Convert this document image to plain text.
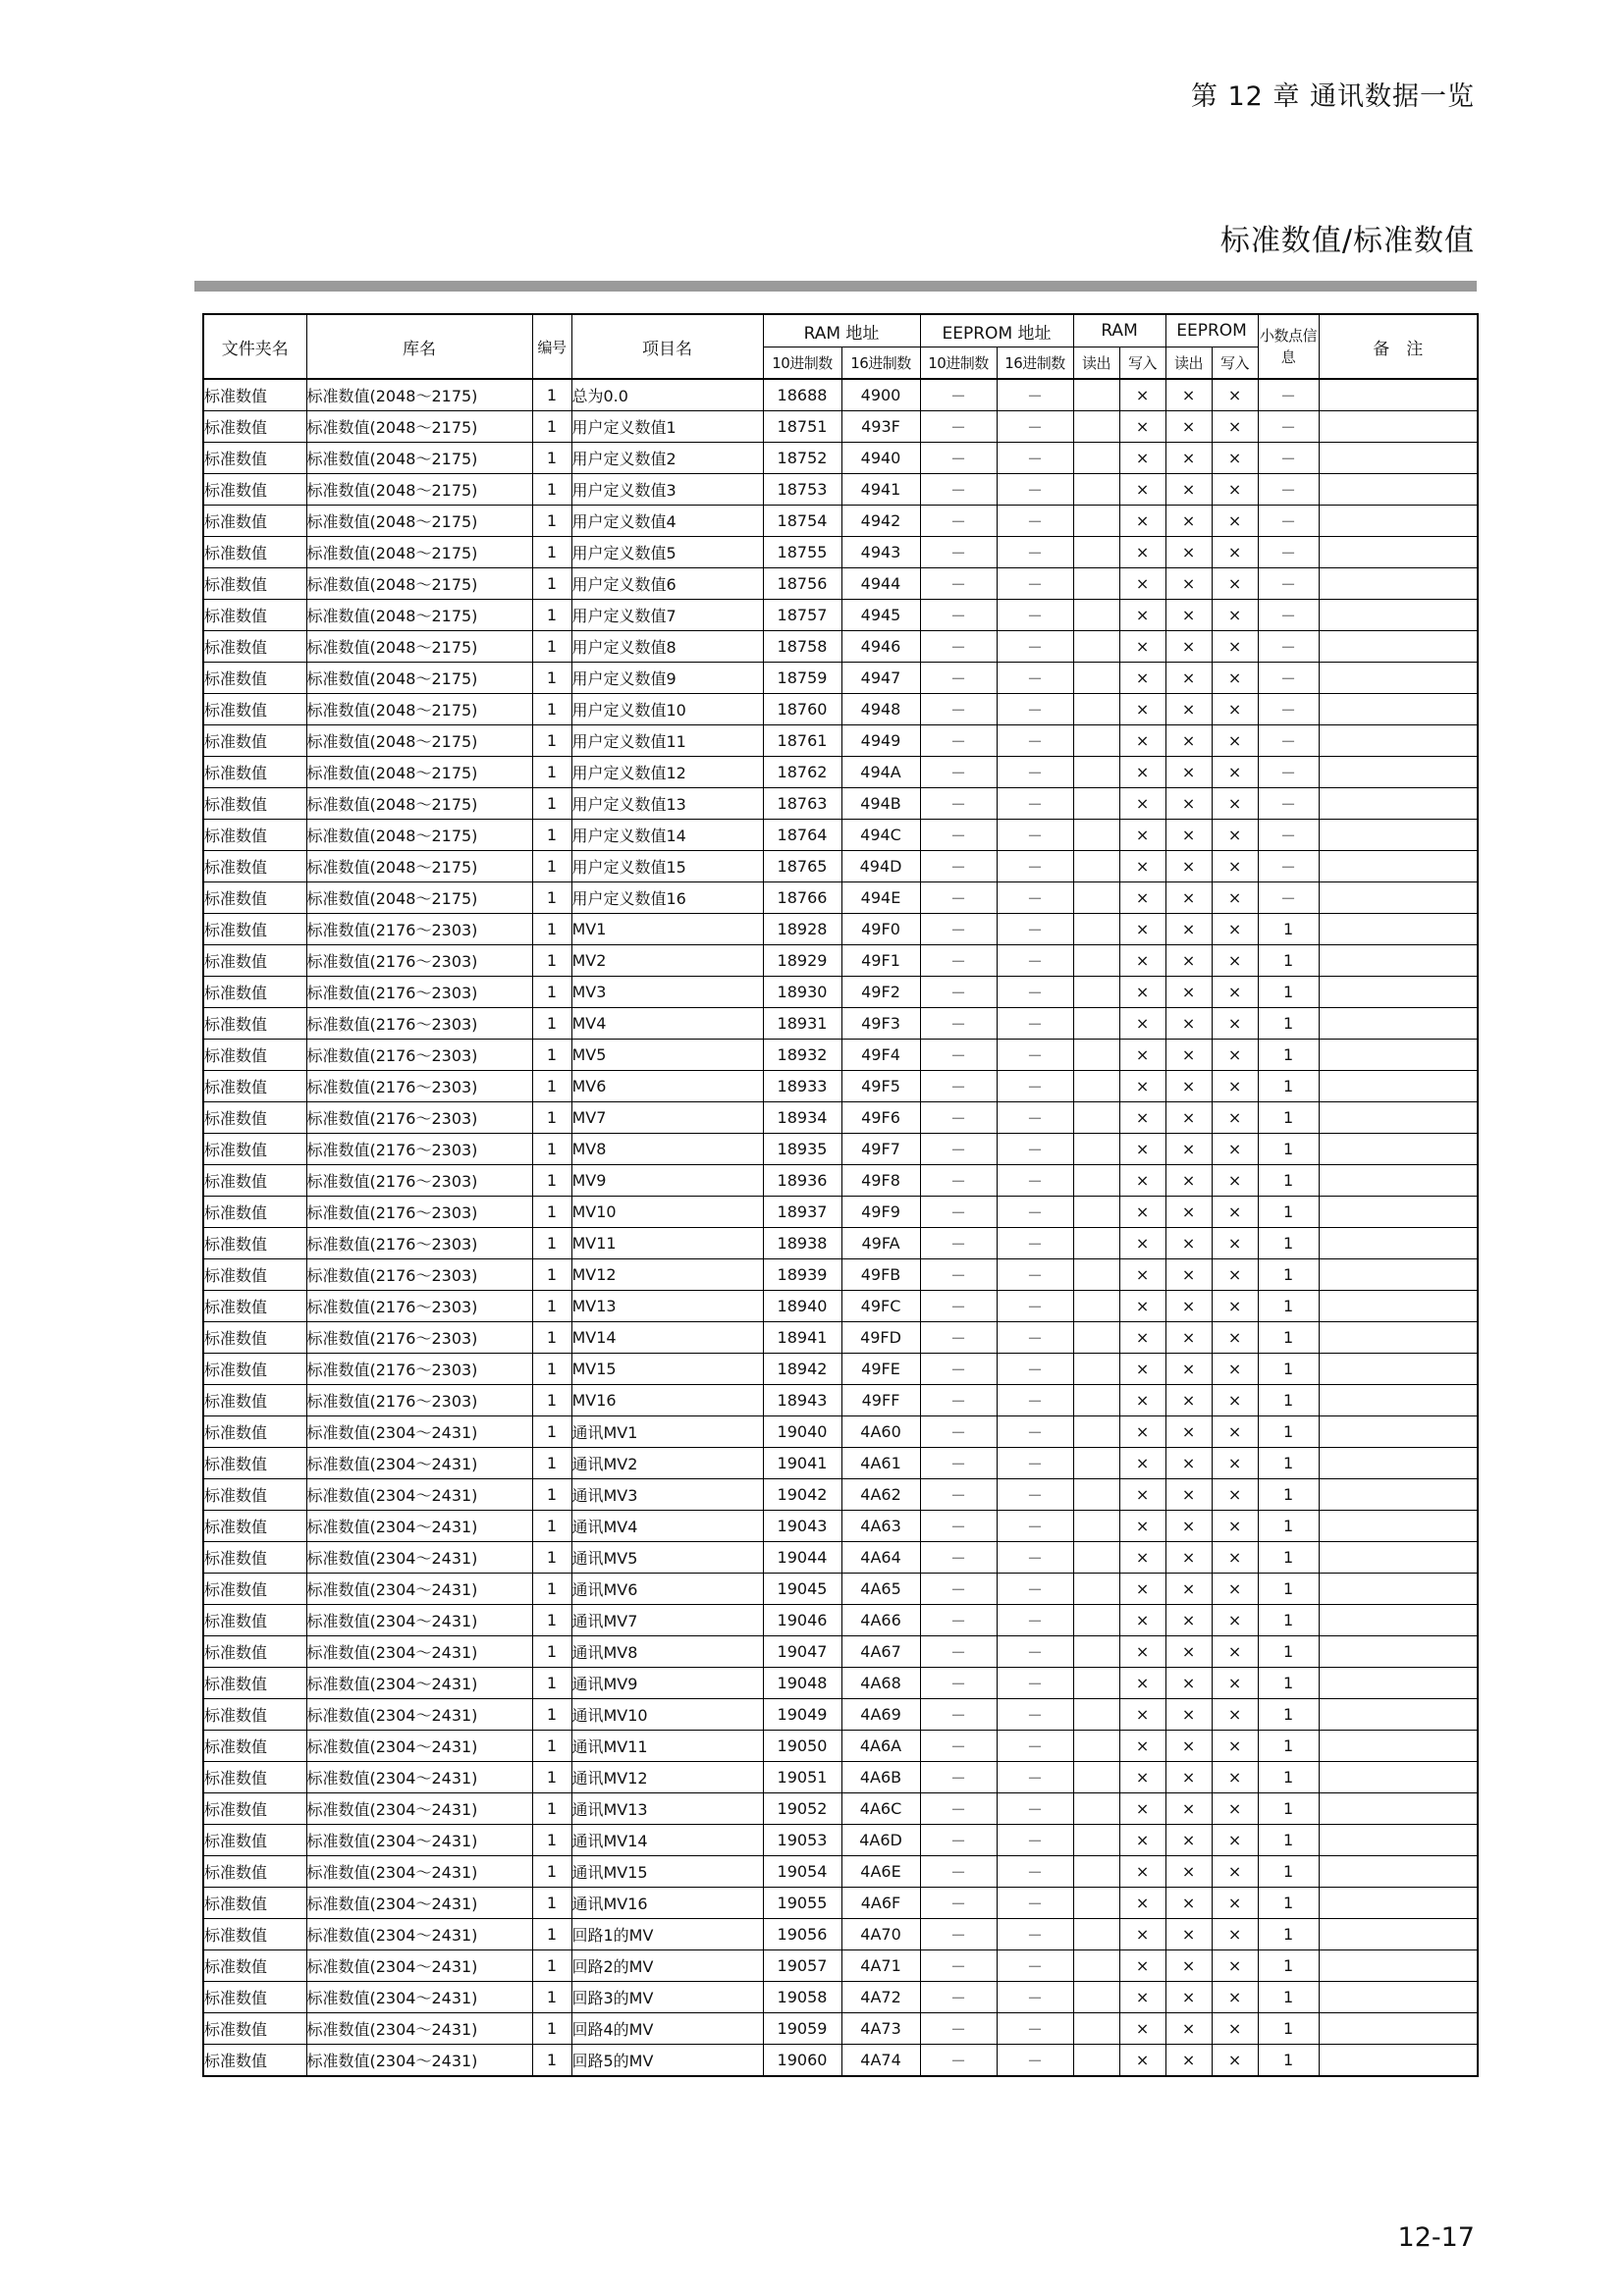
第 12 章 通讯数据一览
标准数值/标准数值
文件夹名	库名	编号	项目名	RAM 地址		EEPROM 地址		RAM		EEPROM		小数点信息	备　注
				10进制数	16进制数	10进制数	16进制数	读出	写入	读出	写入		
标准数值	标准数值(2048～2175)	1	总为0.0	18688	4900	－	－		×	×	×	－	
标准数值	标准数值(2048～2175)	1	用户定义数值1	18751	493F	－	－		×	×	×	－	
标准数值	标准数值(2048～2175)	1	用户定义数值2	18752	4940	－	－		×	×	×	－	
标准数值	标准数值(2048～2175)	1	用户定义数值3	18753	4941	－	－		×	×	×	－	
标准数值	标准数值(2048～2175)	1	用户定义数值4	18754	4942	－	－		×	×	×	－	
标准数值	标准数值(2048～2175)	1	用户定义数值5	18755	4943	－	－		×	×	×	－	
标准数值	标准数值(2048～2175)	1	用户定义数值6	18756	4944	－	－		×	×	×	－	
标准数值	标准数值(2048～2175)	1	用户定义数值7	18757	4945	－	－		×	×	×	－	
标准数值	标准数值(2048～2175)	1	用户定义数值8	18758	4946	－	－		×	×	×	－	
标准数值	标准数值(2048～2175)	1	用户定义数值9	18759	4947	－	－		×	×	×	－	
标准数值	标准数值(2048～2175)	1	用户定义数值10	18760	4948	－	－		×	×	×	－	
标准数值	标准数值(2048～2175)	1	用户定义数值11	18761	4949	－	－		×	×	×	－	
标准数值	标准数值(2048～2175)	1	用户定义数值12	18762	494A	－	－		×	×	×	－	
标准数值	标准数值(2048～2175)	1	用户定义数值13	18763	494B	－	－		×	×	×	－	
标准数值	标准数值(2048～2175)	1	用户定义数值14	18764	494C	－	－		×	×	×	－	
标准数值	标准数值(2048～2175)	1	用户定义数值15	18765	494D	－	－		×	×	×	－	
标准数值	标准数值(2048～2175)	1	用户定义数值16	18766	494E	－	－		×	×	×	－	
标准数值	标准数值(2176～2303)	1	MV1	18928	49F0	－	－		×	×	×	1	
标准数值	标准数值(2176～2303)	1	MV2	18929	49F1	－	－		×	×	×	1	
标准数值	标准数值(2176～2303)	1	MV3	18930	49F2	－	－		×	×	×	1	
标准数值	标准数值(2176～2303)	1	MV4	18931	49F3	－	－		×	×	×	1	
标准数值	标准数值(2176～2303)	1	MV5	18932	49F4	－	－		×	×	×	1	
标准数值	标准数值(2176～2303)	1	MV6	18933	49F5	－	－		×	×	×	1	
标准数值	标准数值(2176～2303)	1	MV7	18934	49F6	－	－		×	×	×	1	
标准数值	标准数值(2176～2303)	1	MV8	18935	49F7	－	－		×	×	×	1	
标准数值	标准数值(2176～2303)	1	MV9	18936	49F8	－	－		×	×	×	1	
标准数值	标准数值(2176～2303)	1	MV10	18937	49F9	－	－		×	×	×	1	
标准数值	标准数值(2176～2303)	1	MV11	18938	49FA	－	－		×	×	×	1	
标准数值	标准数值(2176～2303)	1	MV12	18939	49FB	－	－		×	×	×	1	
标准数值	标准数值(2176～2303)	1	MV13	18940	49FC	－	－		×	×	×	1	
标准数值	标准数值(2176～2303)	1	MV14	18941	49FD	－	－		×	×	×	1	
标准数值	标准数值(2176～2303)	1	MV15	18942	49FE	－	－		×	×	×	1	
标准数值	标准数值(2176～2303)	1	MV16	18943	49FF	－	－		×	×	×	1	
标准数值	标准数值(2304～2431)	1	通讯MV1	19040	4A60	－	－		×	×	×	1	
标准数值	标准数值(2304～2431)	1	通讯MV2	19041	4A61	－	－		×	×	×	1	
标准数值	标准数值(2304～2431)	1	通讯MV3	19042	4A62	－	－		×	×	×	1	
标准数值	标准数值(2304～2431)	1	通讯MV4	19043	4A63	－	－		×	×	×	1	
标准数值	标准数值(2304～2431)	1	通讯MV5	19044	4A64	－	－		×	×	×	1	
标准数值	标准数值(2304～2431)	1	通讯MV6	19045	4A65	－	－		×	×	×	1	
标准数值	标准数值(2304～2431)	1	通讯MV7	19046	4A66	－	－		×	×	×	1	
标准数值	标准数值(2304～2431)	1	通讯MV8	19047	4A67	－	－		×	×	×	1	
标准数值	标准数值(2304～2431)	1	通讯MV9	19048	4A68	－	－		×	×	×	1	
标准数值	标准数值(2304～2431)	1	通讯MV10	19049	4A69	－	－		×	×	×	1	
标准数值	标准数值(2304～2431)	1	通讯MV11	19050	4A6A	－	－		×	×	×	1	
标准数值	标准数值(2304～2431)	1	通讯MV12	19051	4A6B	－	－		×	×	×	1	
标准数值	标准数值(2304～2431)	1	通讯MV13	19052	4A6C	－	－		×	×	×	1	
标准数值	标准数值(2304～2431)	1	通讯MV14	19053	4A6D	－	－		×	×	×	1	
标准数值	标准数值(2304～2431)	1	通讯MV15	19054	4A6E	－	－		×	×	×	1	
标准数值	标准数值(2304～2431)	1	通讯MV16	19055	4A6F	－	－		×	×	×	1	
标准数值	标准数值(2304～2431)	1	回路1的MV	19056	4A70	－	－		×	×	×	1	
标准数值	标准数值(2304～2431)	1	回路2的MV	19057	4A71	－	－		×	×	×	1	
标准数值	标准数值(2304～2431)	1	回路3的MV	19058	4A72	－	－		×	×	×	1	
标准数值	标准数值(2304～2431)	1	回路4的MV	19059	4A73	－	－		×	×	×	1	
标准数值	标准数值(2304～2431)	1	回路5的MV	19060	4A74	－	－		×	×	×	1	
12-17
